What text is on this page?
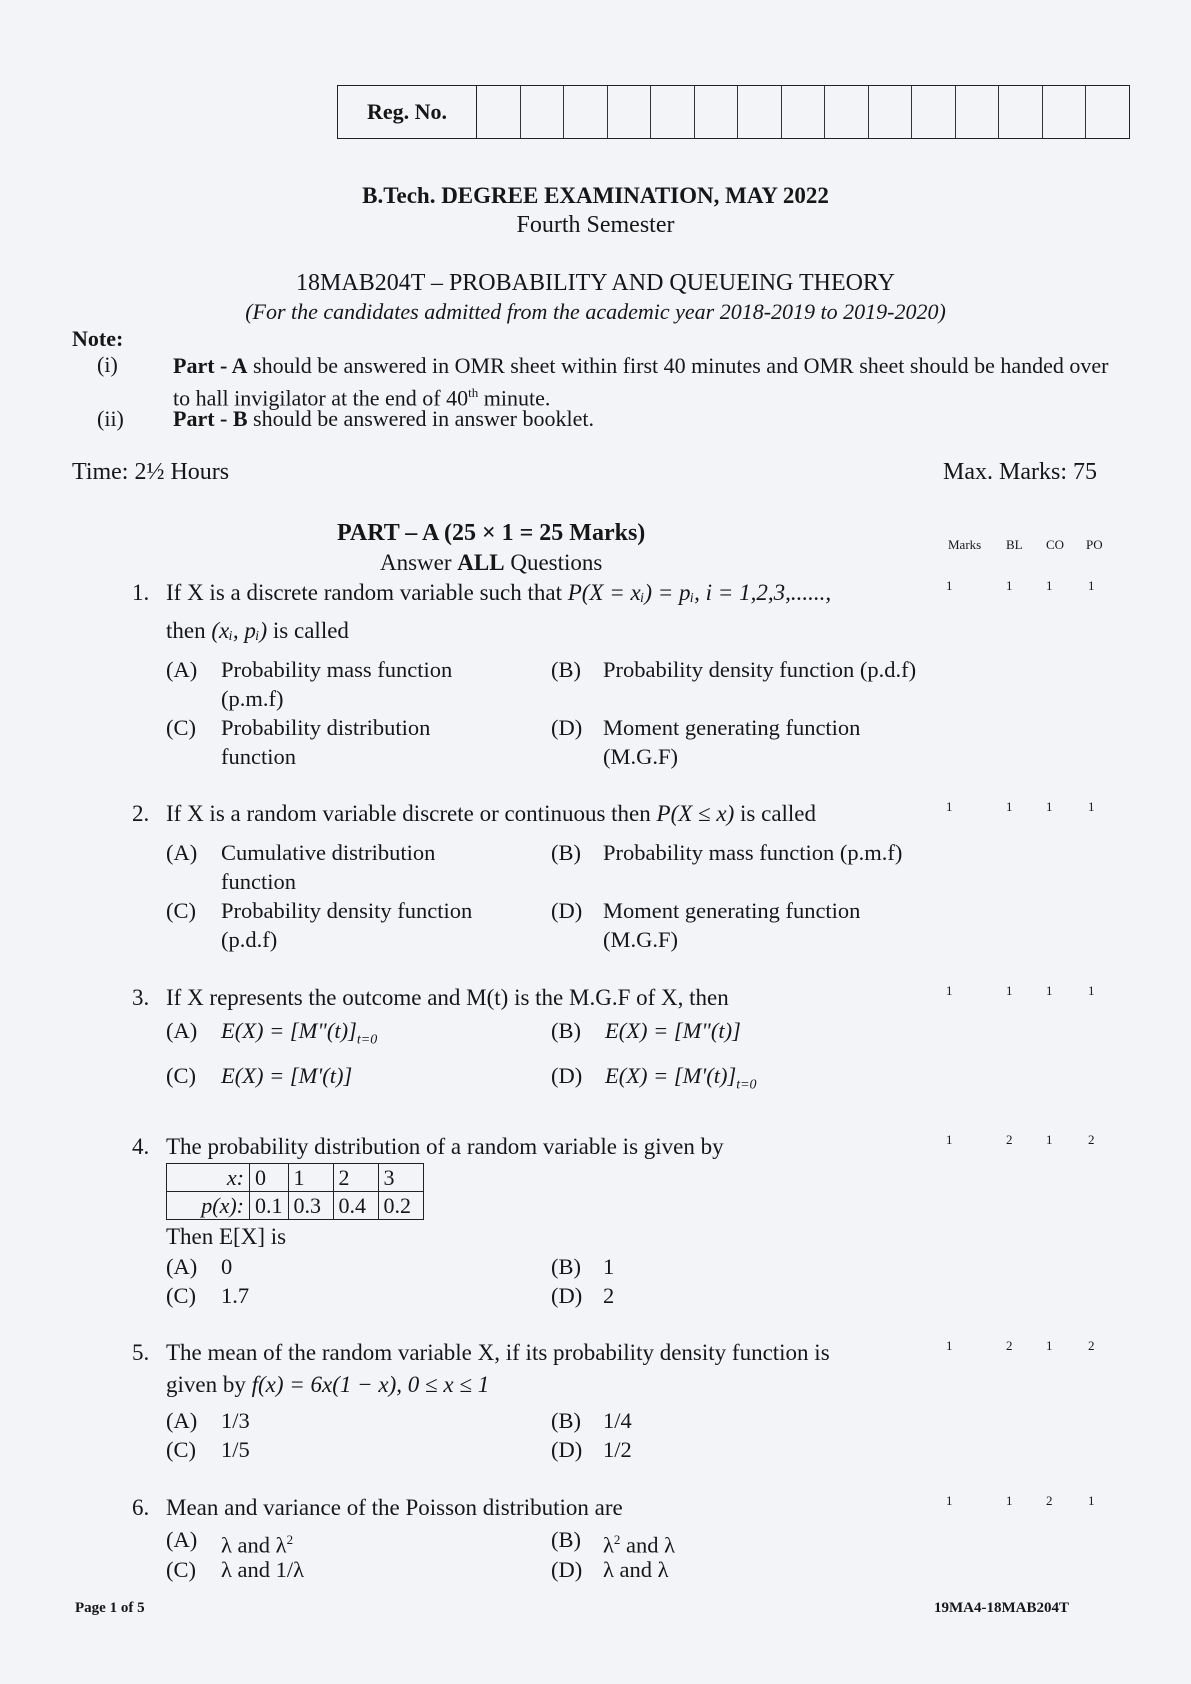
Reg. No.
B.Tech. DEGREE EXAMINATION, MAY 2022
Fourth Semester
18MAB204T – PROBABILITY AND QUEUEING THEORY
(For the candidates admitted from the academic year 2018-2019 to 2019-2020)
Note:
(i)	Part - A should be answered in OMR sheet within first 40 minutes and OMR sheet should be handed over to hall invigilator at the end of 40th minute.
(ii) Part - B should be answered in answer booklet.
Time: 2½ Hours	Max. Marks: 75
PART – A (25 × 1 = 25 Marks)
Answer ALL Questions
Marks BL CO PO
1. If X is a discrete random variable such that P(X = xᵢ) = pᵢ, i = 1,2,3,......,
then (xᵢ, pᵢ) is called
(A) Probability mass function (p.m.f)
(B) Probability density function (p.d.f)
(C) Probability distribution function
(D) Moment generating function (M.G.F)
1	1	1	1
2. If X is a random variable discrete or continuous then P(X ≤ x) is called
(A) Cumulative distribution function
(B) Probability mass function (p.m.f)
(C) Probability density function (p.d.f)
(D) Moment generating function (M.G.F)
1	1	1	1
3. If X represents the outcome and M(t) is the M.G.F of X, then
(A) $E(X) = [M"(t)]_{t=0}$	(B) E(X) = [M"(t)]
(C) E(X) = [M'(t)]	(D) $E(X) = [M'(t)]_{t=0}$
1	1	1	1
4. The probability distribution of a random variable is given by
x:	0	1	2	3
p(x):	0.1	0.3	0.4	0.2
Then E[X] is
(A) 0	(B) 1
(C) 1.7	(D) 2
1	2	1	2
5. The mean of the random variable X, if its probability density function is
given by f(x) = 6x(1 − x), 0 ≤ x ≤ 1
(A) 1/3	(B) 1/4
(C) 1/5	(D) 1/2
1	2	1	2
6. Mean and variance of the Poisson distribution are
(A) λ and $\lambda^2$	(B) $\lambda^2$ and λ
(C) λ and 1/λ	(D) λ and λ
1	1	2	1
Page 1 of 5	19MA4-18MAB204T
